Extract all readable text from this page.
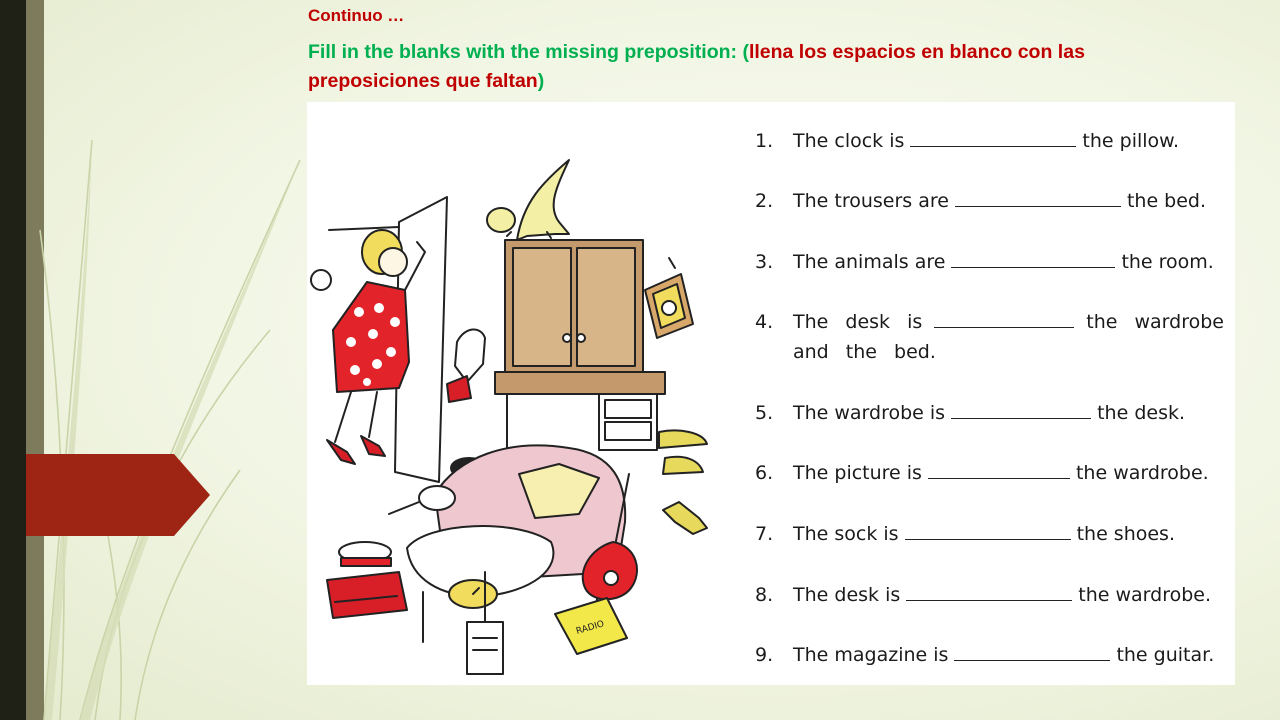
Continuo …
Fill in the blanks with the missing preposition: (llena los espacios en blanco con las preposiciones que faltan)
RADIO
1.	The clock is	the pillow.
2.	The trousers are	the bed.
3.	The animals are	the room.
4.	The desk is	the wardrobe and the bed.
5.	The wardrobe is	the desk.
6.	The picture is	the wardrobe.
7.	The sock is	the shoes.
8.	The desk is	the wardrobe.
9.	The magazine is	the guitar.
